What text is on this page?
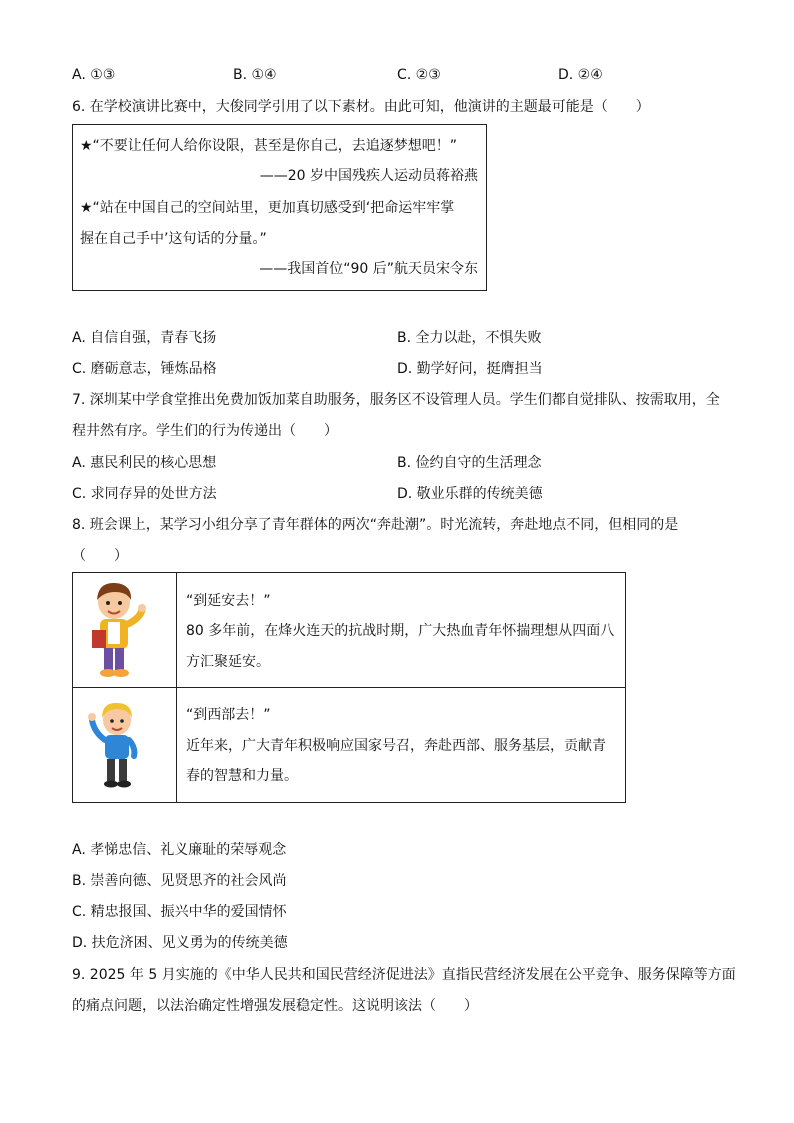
A. ①③	B. ①④	C. ②③	D. ②④
6. 在学校演讲比赛中，大俊同学引用了以下素材。由此可知，他演讲的主题最可能是（　　）
★“不要让任何人给你设限，甚至是你自己，去追逐梦想吧！”
——20 岁中国残疾人运动员蒋裕燕
★“站在中国自己的空间站里，更加真切感受到‘把命运牢牢掌
握在自己手中’这句话的分量。”
——我国首位“90 后”航天员宋令东
A. 自信自强，青春飞扬	B. 全力以赴，不惧失败
C. 磨砺意志，锤炼品格	D. 勤学好问，挺膺担当
7. 深圳某中学食堂推出免费加饭加菜自助服务，服务区不设管理人员。学生们都自觉排队、按需取用，全
程井然有序。学生们的行为传递出（　　）
A. 惠民利民的核心思想	B. 俭约自守的生活理念
C. 求同存异的处世方法	D. 敬业乐群的传统美德
8. 班会课上，某学习小组分享了青年群体的两次“奔赴潮”。时光流转，奔赴地点不同，但相同的是
（　　）
“到延安去！”
80 多年前，在烽火连天的抗战时期，广大热血青年怀揣理想从四面八
方汇聚延安。
“到西部去！”
近年来，广大青年积极响应国家号召，奔赴西部、服务基层，贡献青
春的智慧和力量。
A. 孝悌忠信、礼义廉耻的荣辱观念
B. 崇善向德、见贤思齐的社会风尚
C. 精忠报国、振兴中华的爱国情怀
D. 扶危济困、见义勇为的传统美德
9. 2025 年 5 月实施的《中华人民共和国民营经济促进法》直指民营经济发展在公平竞争、服务保障等方面
的痛点问题，以法治确定性增强发展稳定性。这说明该法（　　）
